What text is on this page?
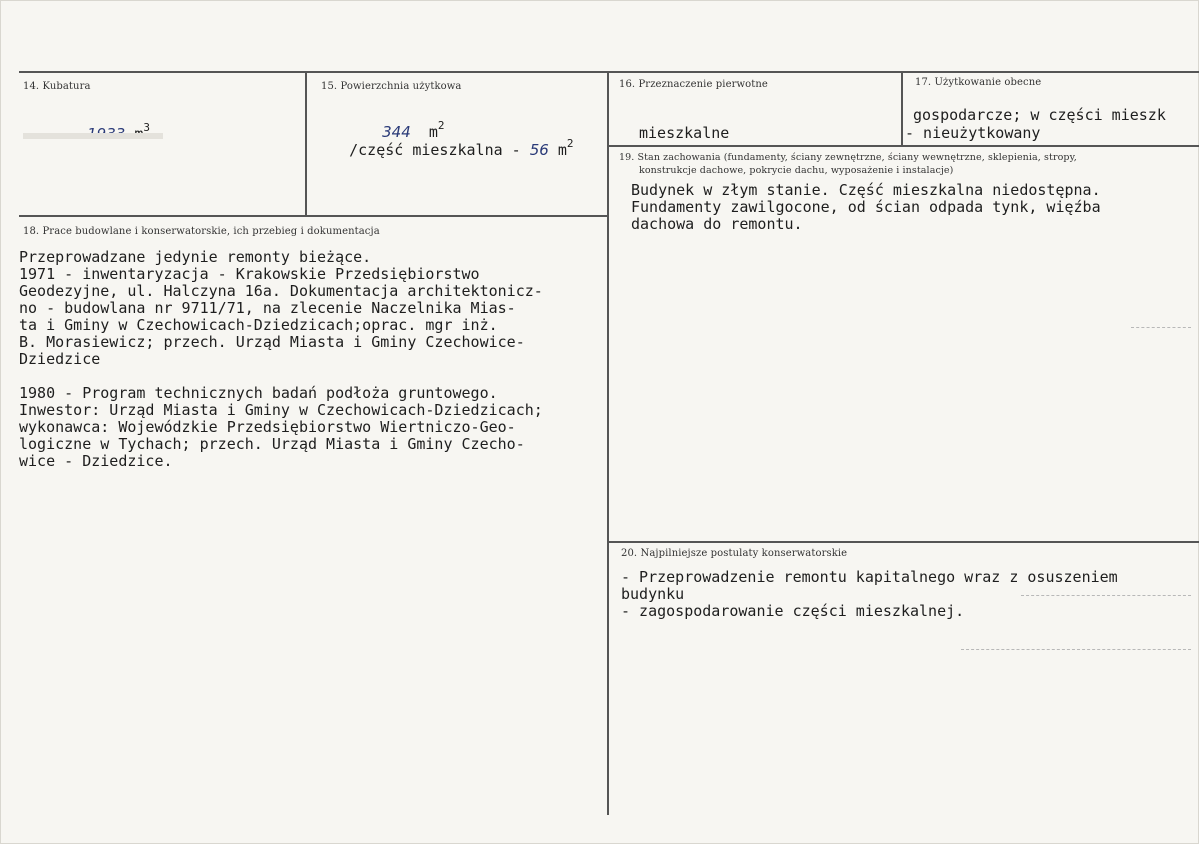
14. Kubatura

1933 $m^3$

15. Powierzchnia użytkowa

344 $m^2$

/część mieszkalna - 56 $m^2$

16. Przeznaczenie pierwotne
mieszkalne
17. Użytkowanie obecne
gospodarcze; w części mieszk
- nieużytkowany
18. Prace budowlane i konserwatorskie, ich przebieg i dokumentacja
Przeprowadzane jedynie remonty bieżące.
1971 - inwentaryzacja - Krakowskie Przedsiębiorstwo
Geodezyjne, ul. Halczyna 16a. Dokumentacja architektonicz-
no - budowlana nr 9711/71, na zlecenie Naczelnika Mias-
ta i Gminy w Czechowicach-Dziedzicach;oprac. mgr inż.
B. Morasiewicz; przech. Urząd Miasta i Gminy Czechowice-
Dziedzice
1980 - Program technicznych badań podłoża gruntowego.
Inwestor: Urząd Miasta i Gminy w Czechowicach-Dziedzicach;
wykonawca: Wojewódzkie Przedsiębiorstwo Wiertniczo-Geo-
logiczne w Tychach; przech. Urząd Miasta i Gminy Czecho-
wice - Dziedzice.
19. Stan zachowania (fundamenty, ściany zewnętrzne, ściany wewnętrzne, sklepienia, stropy,
konstrukcje dachowe, pokrycie dachu, wyposażenie i instalacje)
Budynek w złym stanie. Część mieszkalna niedostępna.
Fundamenty zawilgocone, od ścian odpada tynk, więźba
dachowa do remontu.
20. Najpilniejsze postulaty konserwatorskie
- Przeprowadzenie remontu kapitalnego wraz z osuszeniem
budynku
- zagospodarowanie części mieszkalnej.
